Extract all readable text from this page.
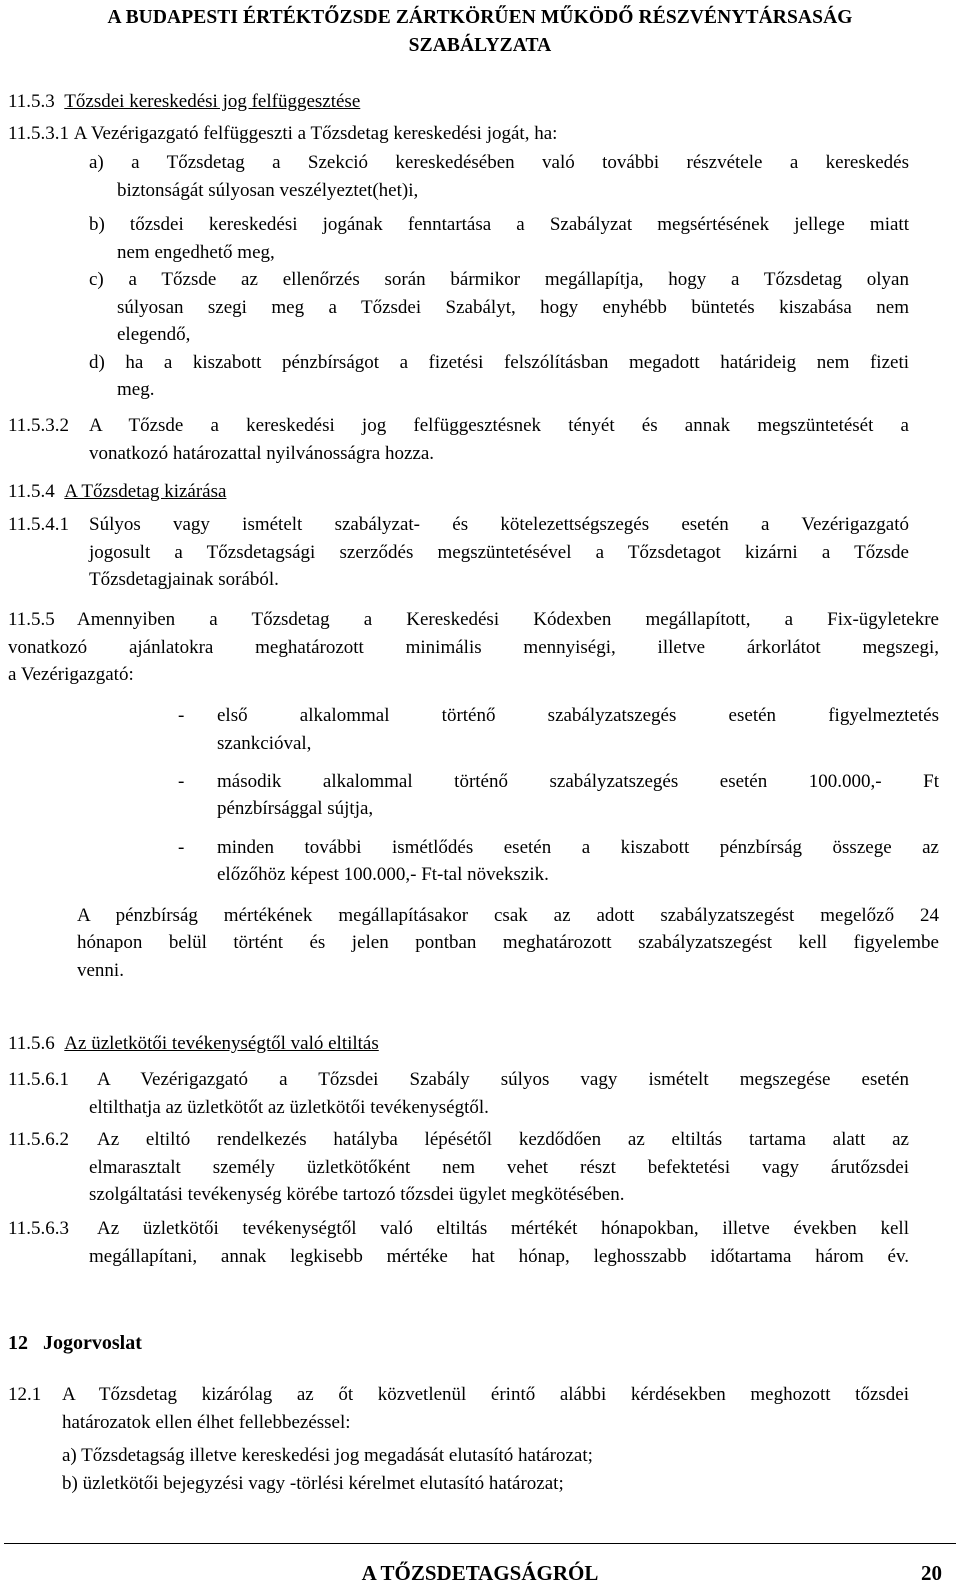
A BUDAPESTI ÉRTÉKTŐZSDE ZÁRTKÖRŰEN MŰKÖDŐ RÉSZVÉNYTÁRSASÁG
SZABÁLYZATA
11.5.3 Tőzsdei kereskedési jog felfüggesztése
11.5.3.1 A Vezérigazgató felfüggeszti a Tőzsdetag kereskedési jogát, ha:
a) a Tőzsdetag a Szekció kereskedésében való további részvétele a kereskedés
biztonságát súlyosan veszélyeztet(het)i,
b) tőzsdei kereskedési jogának fenntartása a Szabályzat megsértésének jellege miatt
nem engedhető meg,
c) a Tőzsde az ellenőrzés során bármikor megállapítja, hogy a Tőzsdetag olyan
súlyosan szegi meg a Tőzsdei Szabályt, hogy enyhébb büntetés kiszabása nem
elegendő,
d) ha a kiszabott pénzbírságot a fizetési felszólításban megadott határideig nem fizeti
meg.
11.5.3.2 A Tőzsde a kereskedési jog felfüggesztésnek tényét és annak megszüntetését a
vonatkozó határozattal nyilvánosságra hozza.
11.5.4 A Tőzsdetag kizárása
11.5.4.1 Súlyos vagy ismételt szabályzat- és kötelezettségszegés esetén a Vezérigazgató
jogosult a Tőzsdetagsági szerződés megszüntetésével a Tőzsdetagot kizárni a Tőzsde
Tőzsdetagjainak sorából.
11.5.5 Amennyiben a Tőzsdetag a Kereskedési Kódexben megállapított, a Fix-ügyletekre
vonatkozó ajánlatokra meghatározott minimális mennyiségi, illetve árkorlátot megszegi,
a Vezérigazgató:
- első alkalommal történő szabályzatszegés esetén figyelmeztetés
szankcióval,
- második alkalommal történő szabályzatszegés esetén 100.000,- Ft
pénzbírsággal sújtja,
- minden további ismétlődés esetén a kiszabott pénzbírság összege az
előzőhöz képest 100.000,- Ft-tal növekszik.
A pénzbírság mértékének megállapításakor csak az adott szabályzatszegést megelőző 24
hónapon belül történt és jelen pontban meghatározott szabályzatszegést kell figyelembe
venni.
11.5.6 Az üzletkötői tevékenységtől való eltiltás
11.5.6.1 A Vezérigazgató a Tőzsdei Szabály súlyos vagy ismételt megszegése esetén
eltilthatja az üzletkötőt az üzletkötői tevékenységtől.
11.5.6.2 Az eltiltó rendelkezés hatályba lépésétől kezdődően az eltiltás tartama alatt az
elmarasztalt személy üzletkötőként nem vehet részt befektetési vagy árutőzsdei
szolgáltatási tevékenység körébe tartozó tőzsdei ügylet megkötésében.
11.5.6.3 Az üzletkötői tevékenységtől való eltiltás mértékét hónapokban, illetve években kell
megállapítani, annak legkisebb mértéke hat hónap, leghosszabb időtartama három év.
12 Jogorvoslat
12.1 A Tőzsdetag kizárólag az őt közvetlenül érintő alábbi kérdésekben meghozott tőzsdei
határozatok ellen élhet fellebbezéssel:
a) Tőzsdetagság illetve kereskedési jog megadását elutasító határozat;
b) üzletkötői bejegyzési vagy -törlési kérelmet elutasító határozat;
A TŐZSDETAGSÁGRÓL	20
